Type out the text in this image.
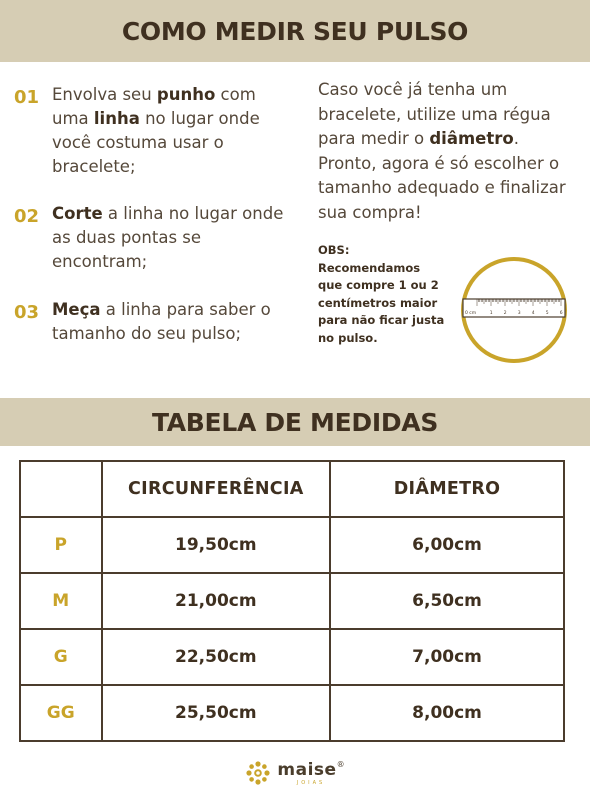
COMO MEDIR SEU PULSO
01 Envolva seu punho com uma linha no lugar onde você costuma usar o bracelete;
02 Corte a linha no lugar onde as duas pontas se encontram;
03 Meça a linha para saber o tamanho do seu pulso;
Caso você já tenha um bracelete, utilize uma régua para medir o diâmetro. Pronto, agora é só escolher o tamanho adequado e finalizar sua compra!
OBS: Recomendamos que compre 1 ou 2 centímetros maior para não ficar justa no pulso.
0 cm	1 2 3 4 5 6
TABELA DE MEDIDAS
	CIRCUNFERÊNCIA	DIÂMETRO
P	19,50cm	6,00cm
M	21,00cm	6,50cm
G	22,50cm	7,00cm
GG	25,50cm	8,00cm
maise®
JOIAS
